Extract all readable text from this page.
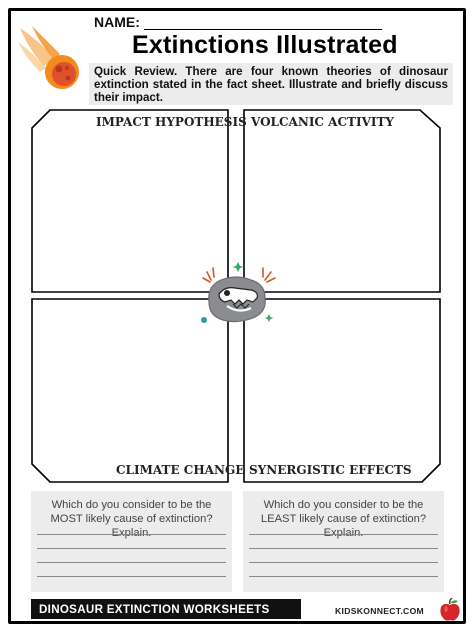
NAME:
Extinctions Illustrated
Quick Review. There are four known theories of dinosaur extinction stated in the fact sheet. Illustrate and briefly discuss their impact.
IMPACT HYPOTHESIS VOLCANIC ACTIVITY
CLIMATE CHANGE SYNERGISTIC EFFECTS
Which do you consider to be the MOST likely cause of extinction? Explain.
Which do you consider to be the LEAST likely cause of extinction? Explain.
DINOSAUR EXTINCTION WORKSHEETS	KIDSKONNECT.COM
